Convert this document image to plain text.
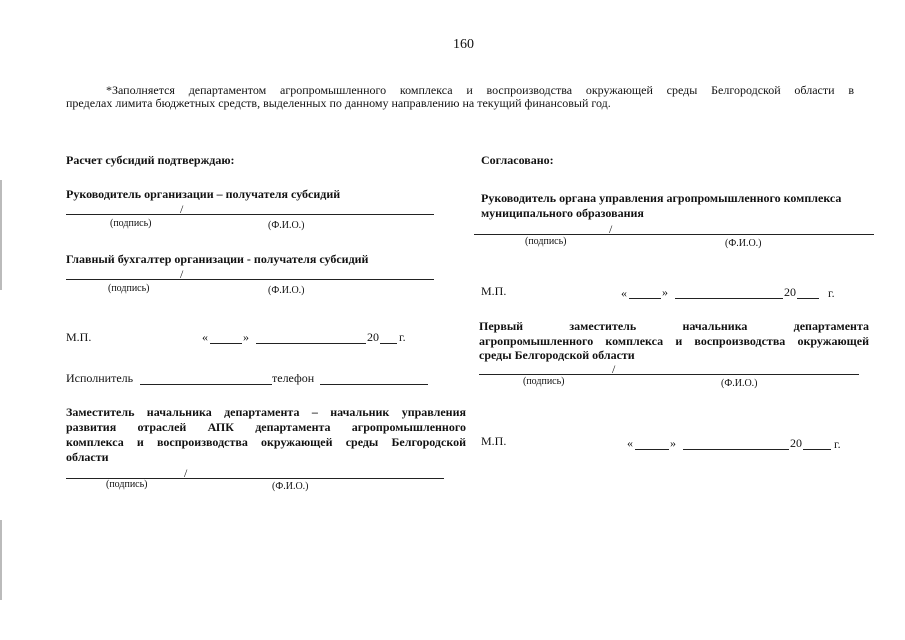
160
*Заполняется департаментом агропромышленного комплекса и воспроизводства окружающей среды Белгородской области в
пределах лимита бюджетных средств, выделенных по данному направлению на текущий финансовый год.
Расчет субсидий подтверждаю:
Руководитель организации – получателя субсидий
/
(подпись)	(Ф.И.О.)
Главный бухгалтер организации - получателя субсидий
/
(подпись)	(Ф.И.О.)
М.П.	«	»	20 г.
Исполнитель	телефон
Заместитель начальника департамента – начальник управления
развития отраслей АПК департамента агропромышленного
комплекса и воспроизводства окружающей среды Белгородской
области
/
(подпись)	(Ф.И.О.)
Согласовано:
Руководитель органа управления агропромышленного комплекса
муниципального образования
/
(подпись)	(Ф.И.О.)
М.П.	«	»	20	г.
Первый заместитель начальника департамента
агропромышленного комплекса и воспроизводства окружающей
среды Белгородской области
/
(подпись)	(Ф.И.О.)
М.П.	«	»	20	г.
